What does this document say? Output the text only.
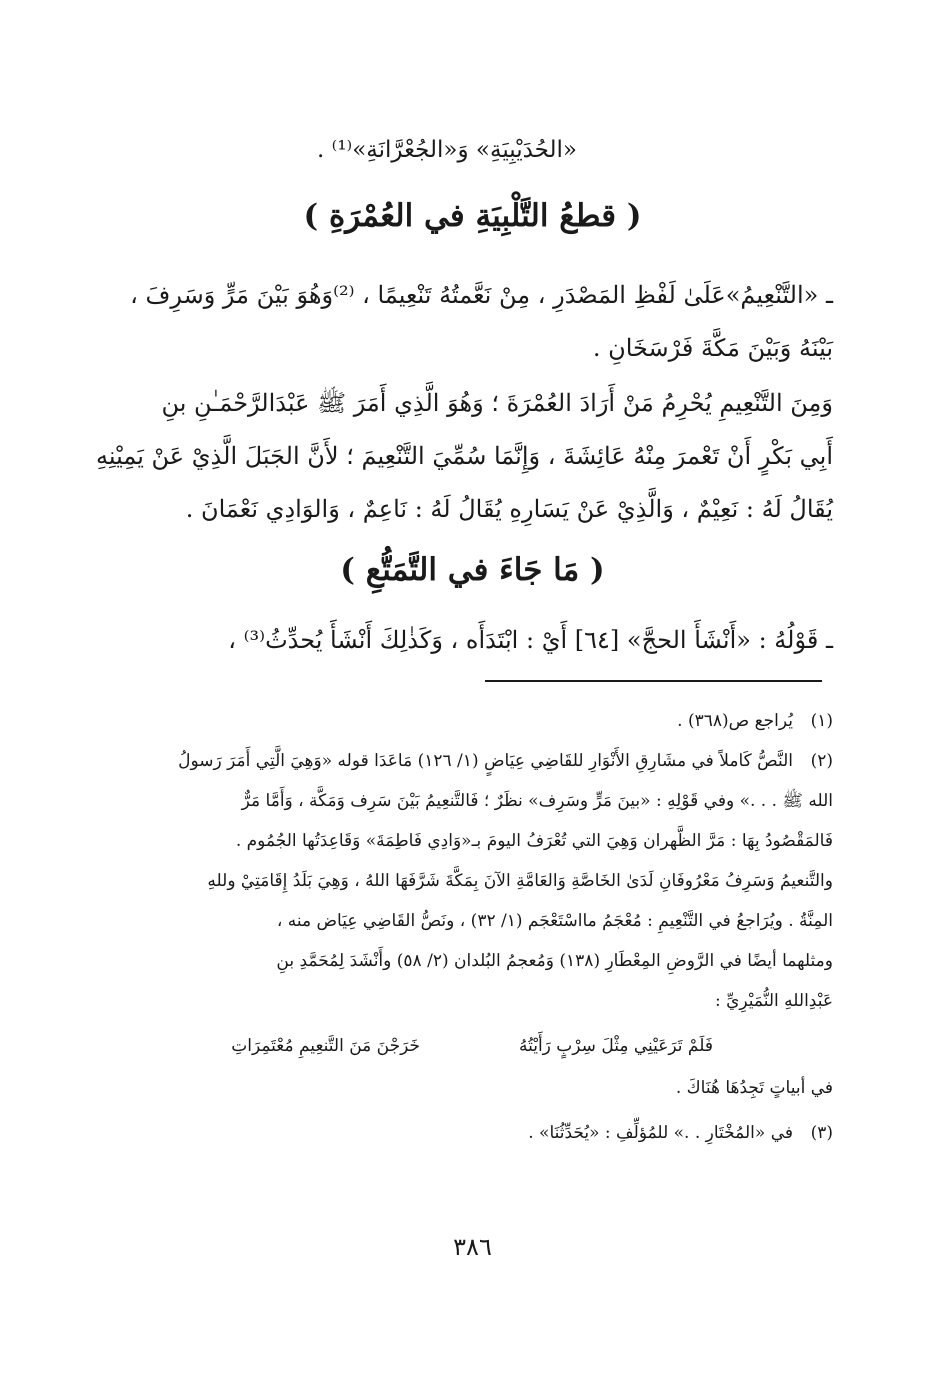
«الحُدَيْبِيَةِ» وَ«الجُعْرَّانَةِ»⁽¹⁾ .
( قطعُ التَّلْبِيَةِ في العُمْرَةِ )
ـ «التَّنْعِيمُ»عَلَىٰ لَفْظِ المَصْدَرِ ، مِنْ نَعَّمتُهُ تَنْعِيمًا ، ⁽²⁾وَهُوَ بَيْنَ مَرٍّ وَسَرِفَ ،
بَيْنَهُ وَبَيْنَ مَكَّةَ فَرْسَخَانِ .
وَمِنَ التَّنْعِيمِ يُحْرِمُ مَنْ أَرَادَ العُمْرَةَ ؛ وَهُوَ الَّذِي أَمَرَ ﷺ عَبْدَالرَّحْمَـٰنِ بنِ
أَبِي بَكْرٍ أَنْ تَعْمرَ مِنْهُ عَائِشَةَ ، وَإِنَّمَا سُمِّيَ التَّنْعِيمَ ؛ لأَنَّ الجَبَلَ الَّذِيْ عَنْ يَمِيْنِهِ
يُقَالُ لَهُ : نَعِيْمٌ ، وَالَّذِيْ عَنْ يَسَارِهِ يُقَالُ لَهُ : نَاعِمٌ ، وَالوَادِي نَعْمَانَ .
( مَا جَاءَ في التَّمَتُّعِ )
ـ قَوْلُهُ : «أَنْشَأَ الحجَّ» [٦٤] أَيْ : ابْتَدَأَه ، وَكَذٰلِكَ أَنْشَأَ يُحدِّثُ⁽³⁾ ،
(١)
يُراجع ص(٣٦٨) .
(٢)
النَّصُّ كَاملاً في مشَارِقِ الأَنْوَارِ للقَاضِي عِيَاضٍ (١/ ١٢٦) مَاعَدَا قوله «وَهِيَ الَّتِي أَمَرَ رَسولُ
الله ﷺ . . .» وفي قَوْلِهِ : «بينَ مَرٍّ وسَرِف» نظَرٌ ؛ فَالتَّنعِيمُ بَيْنَ سَرِف وَمَكَّة ، وَأَمَّا مَرٌّ
فَالمَقْصُودُ بِهَا : مَرَّ الظَّهران وَهِيَ التي تُعْرَفُ اليومَ بـ«وَادِي فَاطِمَةَ» وَقَاعِدَتُها الجُمُوم .
والتَّنعيمُ وَسَرِفُ مَعْرُوفَانِ لَدَىٰ الخَاصَّةِ وَالعَامَّةِ الآنَ بِمَكَّةَ شَرَّفَهَا اللهُ ، وَهِيَ بَلَدُ إِقَامَتِيْ وللهِ
المِنَّةُ . ويُرَاجعُ في التَّنْعِيمِ : مُعْجَمُ مااسْتَعْجَم (١/ ٣٢) ، ونَصُّ القَاضِي عِيَاض منه ،
ومثلهما أيضًا في الرَّوضِ المِعْطَارِ (١٣٨) وَمُعجمُ البُلدان (٢/ ٥٨) وأَنْشَدَ لِمُحَمَّدِ بنِ
عَبْدِاللهِ النُّمَيْرِيِّ :
فَلَمْ تَرَعَيْنِي مِثْلَ سِرْبٍ رَأَيْتُهُ
خَرَجْنَ مَنَ التَّنعِيمِ مُعْتَمِرَاتِ
في أبياتٍ تَجِدُهَا هُنَاكَ .
(٣)
في «المُخْتَارِ . .» للمُؤلِّفِ : «يُحَدِّثُنَا» .
٣٨٦
